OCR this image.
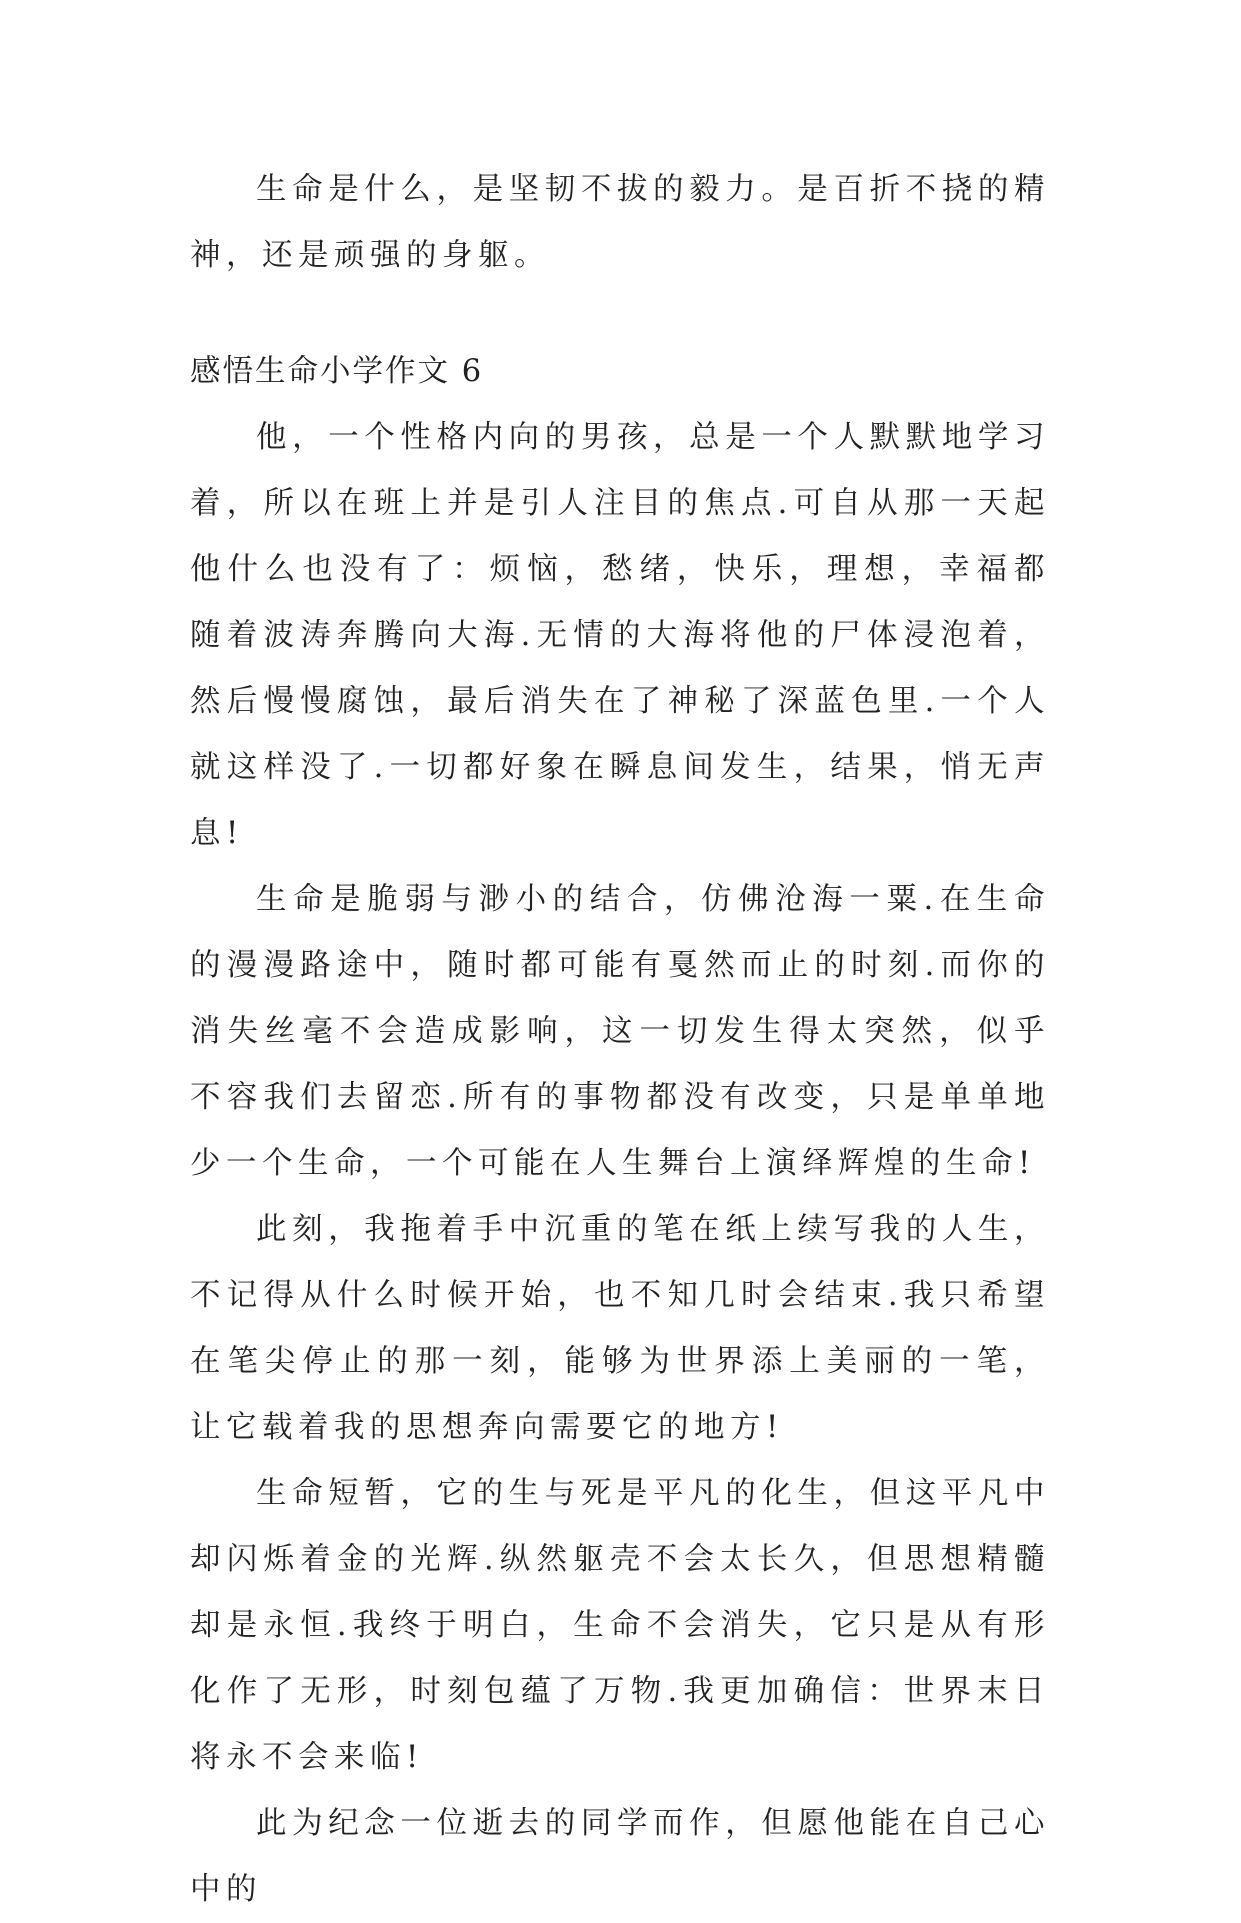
生命是什么，是坚韧不拔的毅力。是百折不挠的精神，还是顽强的身躯。

感悟生命小学作文 6

他，一个性格内向的男孩，总是一个人默默地学习着，所以在班上并是引人注目的焦点.可自从那一天起他什么也没有了：烦恼，愁绪，快乐，理想，幸福都随着波涛奔腾向大海.无情的大海将他的尸体浸泡着，然后慢慢腐蚀，最后消失在了神秘了深蓝色里.一个人就这样没了.一切都好象在瞬息间发生，结果，悄无声息!

生命是脆弱与渺小的结合，仿佛沧海一粟.在生命的漫漫路途中，随时都可能有戛然而止的时刻.而你的消失丝毫不会造成影响，这一切发生得太突然，似乎不容我们去留恋.所有的事物都没有改变，只是单单地少一个生命，一个可能在人生舞台上演绎辉煌的生命!

此刻，我拖着手中沉重的笔在纸上续写我的人生，不记得从什么时候开始，也不知几时会结束.我只希望在笔尖停止的那一刻，能够为世界添上美丽的一笔，让它载着我的思想奔向需要它的地方!

生命短暂，它的生与死是平凡的化生，但这平凡中却闪烁着金的光辉.纵然躯壳不会太长久，但思想精髓却是永恒.我终于明白，生命不会消失，它只是从有形化作了无形，时刻包蕴了万物.我更加确信：世界末日将永不会来临!

此为纪念一位逝去的同学而作，但愿他能在自己心中的
